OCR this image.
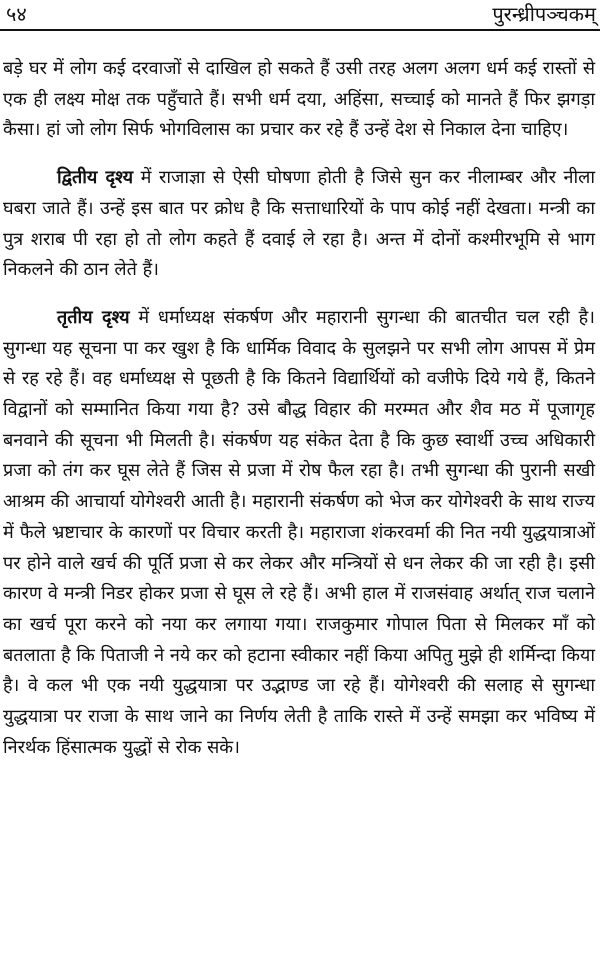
५४	पुरन्ध्रीपञ्चकम्

बड़े घर में लोग कई दरवाजों से दाखिल हो सकते हैं उसी तरह अलग अलग धर्म कई रास्तों से एक ही लक्ष्य मोक्ष तक पहुँचाते हैं। सभी धर्म दया, अहिंसा, सच्चाई को मानते हैं फिर झगड़ा कैसा। हां जो लोग सिर्फ भोगविलास का प्रचार कर रहे हैं उन्हें देश से निकाल देना चाहिए।

द्वितीय दृश्य में राजाज्ञा से ऐसी घोषणा होती है जिसे सुन कर नीलाम्बर और नीला घबरा जाते हैं। उन्हें इस बात पर क्रोध है कि सत्ताधारियों के पाप कोई नहीं देखता। मन्त्री का पुत्र शराब पी रहा हो तो लोग कहते हैं दवाई ले रहा है। अन्त में दोनों कश्मीरभूमि से भाग निकलने की ठान लेते हैं।

तृतीय दृश्य में धर्माध्यक्ष संकर्षण और महारानी सुगन्धा की बातचीत चल रही है। सुगन्धा यह सूचना पा कर खुश है कि धार्मिक विवाद के सुलझने पर सभी लोग आपस में प्रेम से रह रहे हैं। वह धर्माध्यक्ष से पूछती है कि कितने विद्यार्थियों को वजीफे दिये गये हैं, कितने विद्वानों को सम्मानित किया गया है? उसे बौद्ध विहार की मरम्मत और शैव मठ में पूजागृह बनवाने की सूचना भी मिलती है। संकर्षण यह संकेत देता है कि कुछ स्वार्थी उच्च अधिकारी प्रजा को तंग कर घूस लेते हैं जिस से प्रजा में रोष फैल रहा है। तभी सुगन्धा की पुरानी सखी आश्रम की आचार्या योगेश्वरी आती है। महारानी संकर्षण को भेज कर योगेश्वरी के साथ राज्य में फैले भ्रष्टाचार के कारणों पर विचार करती है। महाराजा शंकरवर्मा की नित नयी युद्धयात्राओं पर होने वाले खर्च की पूर्ति प्रजा से कर लेकर और मन्त्रियों से धन लेकर की जा रही है। इसी कारण वे मन्त्री निडर होकर प्रजा से घूस ले रहे हैं। अभी हाल में राजसंवाह अर्थात् राज चलाने का खर्च पूरा करने को नया कर लगाया गया। राजकुमार गोपाल पिता से मिलकर माँ को बतलाता है कि पिताजी ने नये कर को हटाना स्वीकार नहीं किया अपितु मुझे ही शर्मिन्दा किया है। वे कल भी एक नयी युद्धयात्रा पर उद्भाण्ड जा रहे हैं। योगेश्वरी की सलाह से सुगन्धा युद्धयात्रा पर राजा के साथ जाने का निर्णय लेती है ताकि रास्ते में उन्हें समझा कर भविष्य में निरर्थक हिंसात्मक युद्धों से रोक सके।
